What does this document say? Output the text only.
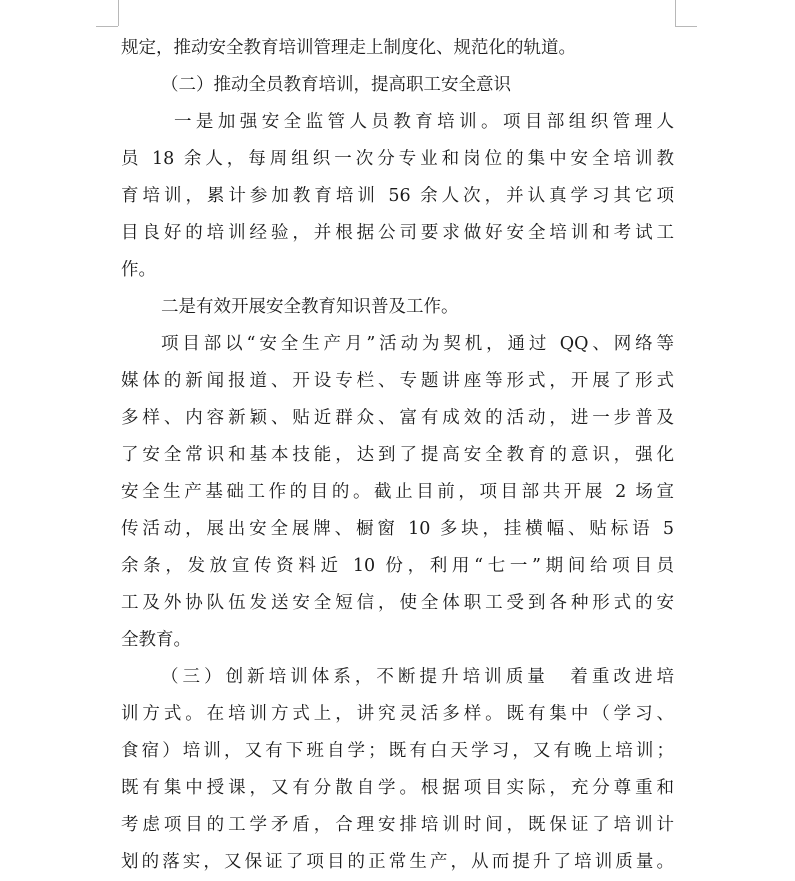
规定，推动安全教育培训管理走上制度化、规范化的轨道。
（二）推动全员教育培训，提高职工安全意识
一是加强安全监管人员教育培训。项目部组织管理人
员 18 余人，每周组织一次分专业和岗位的集中安全培训教
育培训，累计参加教育培训 56 余人次，并认真学习其它项
目良好的培训经验，并根据公司要求做好安全培训和考试工
作。
二是有效开展安全教育知识普及工作。
项目部以“安全生产月”活动为契机，通过 QQ、网络等
媒体的新闻报道、开设专栏、专题讲座等形式，开展了形式
多样、内容新颖、贴近群众、富有成效的活动，进一步普及
了安全常识和基本技能，达到了提高安全教育的意识，强化
安全生产基础工作的目的。截止目前，项目部共开展 2 场宣
传活动，展出安全展牌、橱窗 10 多块，挂横幅、贴标语 5
余条，发放宣传资料近 10 份，利用“七一”期间给项目员
工及外协队伍发送安全短信，使全体职工受到各种形式的安
全教育。
（三）创新培训体系，不断提升培训质量　着重改进培
训方式。在培训方式上，讲究灵活多样。既有集中（学习、
食宿）培训，又有下班自学；既有白天学习，又有晚上培训；
既有集中授课，又有分散自学。根据项目实际，充分尊重和
考虑项目的工学矛盾，合理安排培训时间，既保证了培训计
划的落实，又保证了项目的正常生产，从而提升了培训质量。
